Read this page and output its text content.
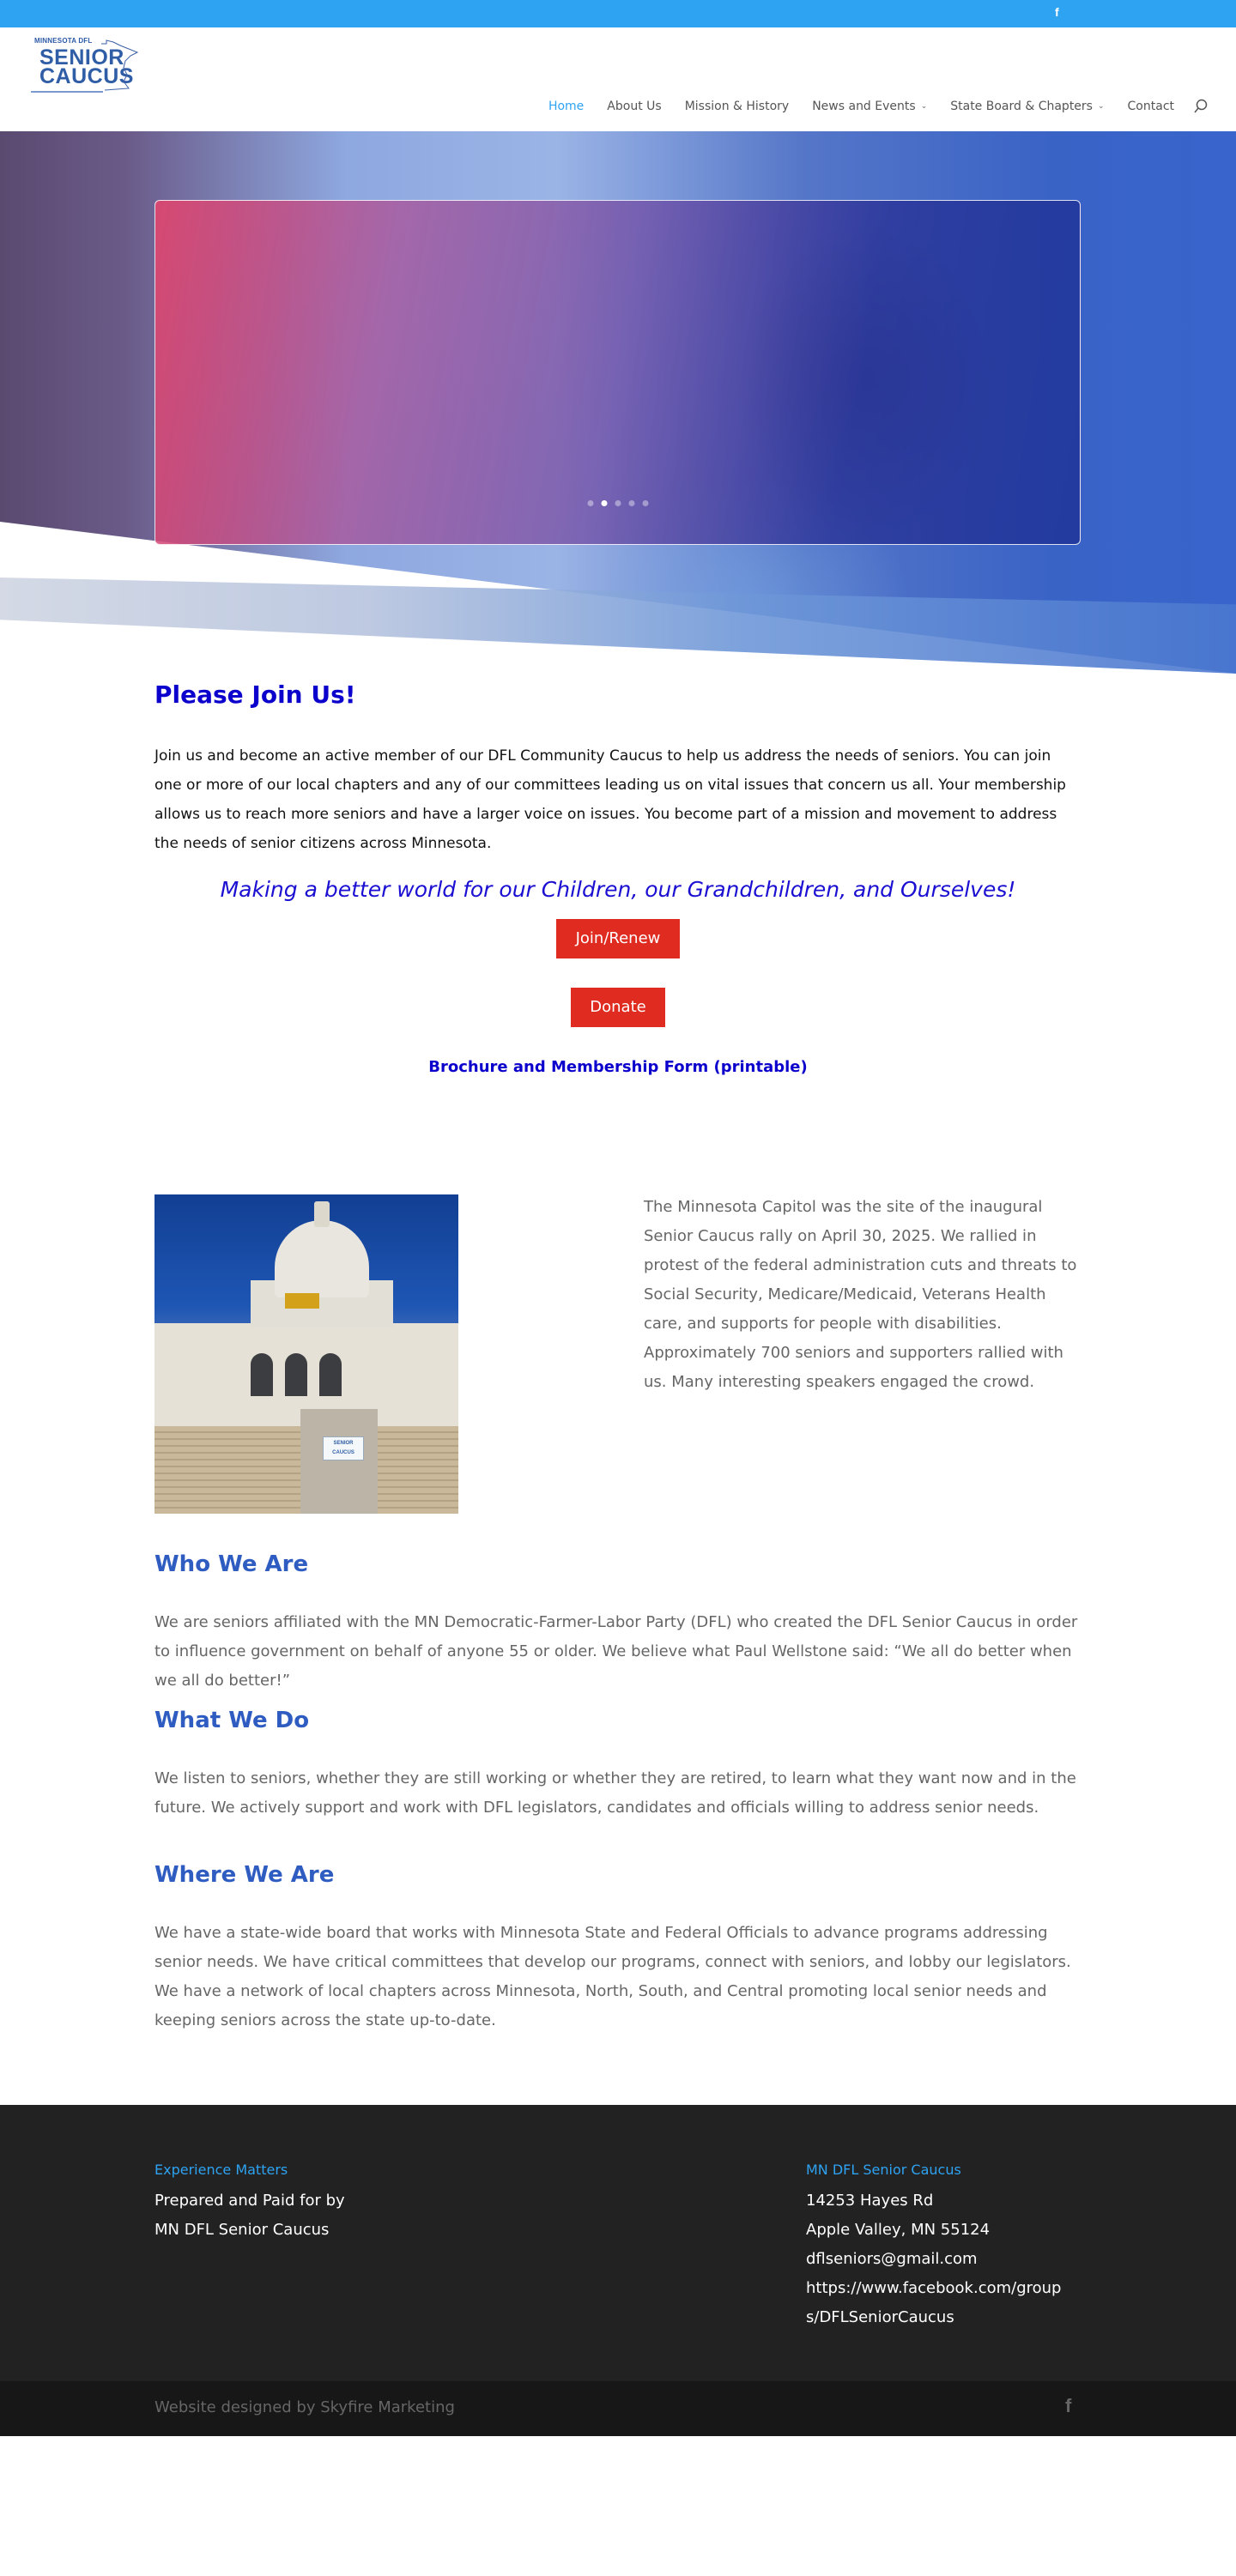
f
MINNESOTA DFL
SENIOR
CAUCUS
Home About Us Mission & History News and Events ⌄ State Board & Chapters ⌄ Contact
Please Join Us!

Join us and become an active member of our DFL Community Caucus to help us address the needs of seniors. You can join one or more of our local chapters and any of our committees leading us on vital issues that concern us all. Your membership allows us to reach more seniors and have a larger voice on issues. You become part of a mission and movement to address the needs of senior citizens across Minnesota.

Making a better world for our Children, our Grandchildren, and Ourselves!
Join/Renew
Donate
Brochure and Membership Form (printable)
SENIOR
CAUCUS

The Minnesota Capitol was the site of the inaugural Senior Caucus rally on April 30, 2025. We rallied in protest of the federal administration cuts and threats to Social Security, Medicare/Medicaid, Veterans Health care, and supports for people with disabilities. Approximately 700 seniors and supporters rallied with us. Many interesting speakers engaged the crowd.

Who We Are

We are seniors affiliated with the MN Democratic-Farmer-Labor Party (DFL) who created the DFL Senior Caucus in order to influence government on behalf of anyone 55 or older. We believe what Paul Wellstone said: “We all do better when we all do better!”

What We Do

We listen to seniors, whether they are still working or whether they are retired, to learn what they want now and in the future. We actively support and work with DFL legislators, candidates and officials willing to address senior needs.

Where We Are

We have a state-wide board that works with Minnesota State and Federal Officials to advance programs addressing senior needs. We have critical committees that develop our programs, connect with seniors, and lobby our legislators. We have a network of local chapters across Minnesota, North, South, and Central promoting local senior needs and keeping seniors across the state up-to-date.

Experience Matters
Prepared and Paid for by
MN DFL Senior Caucus
MN DFL Senior Caucus
14253 Hayes Rd
Apple Valley, MN 55124
dflseniors@gmail.com
https://www.facebook.com/group
s/DFLSeniorCaucus
Website designed by Skyfire Marketing	f
